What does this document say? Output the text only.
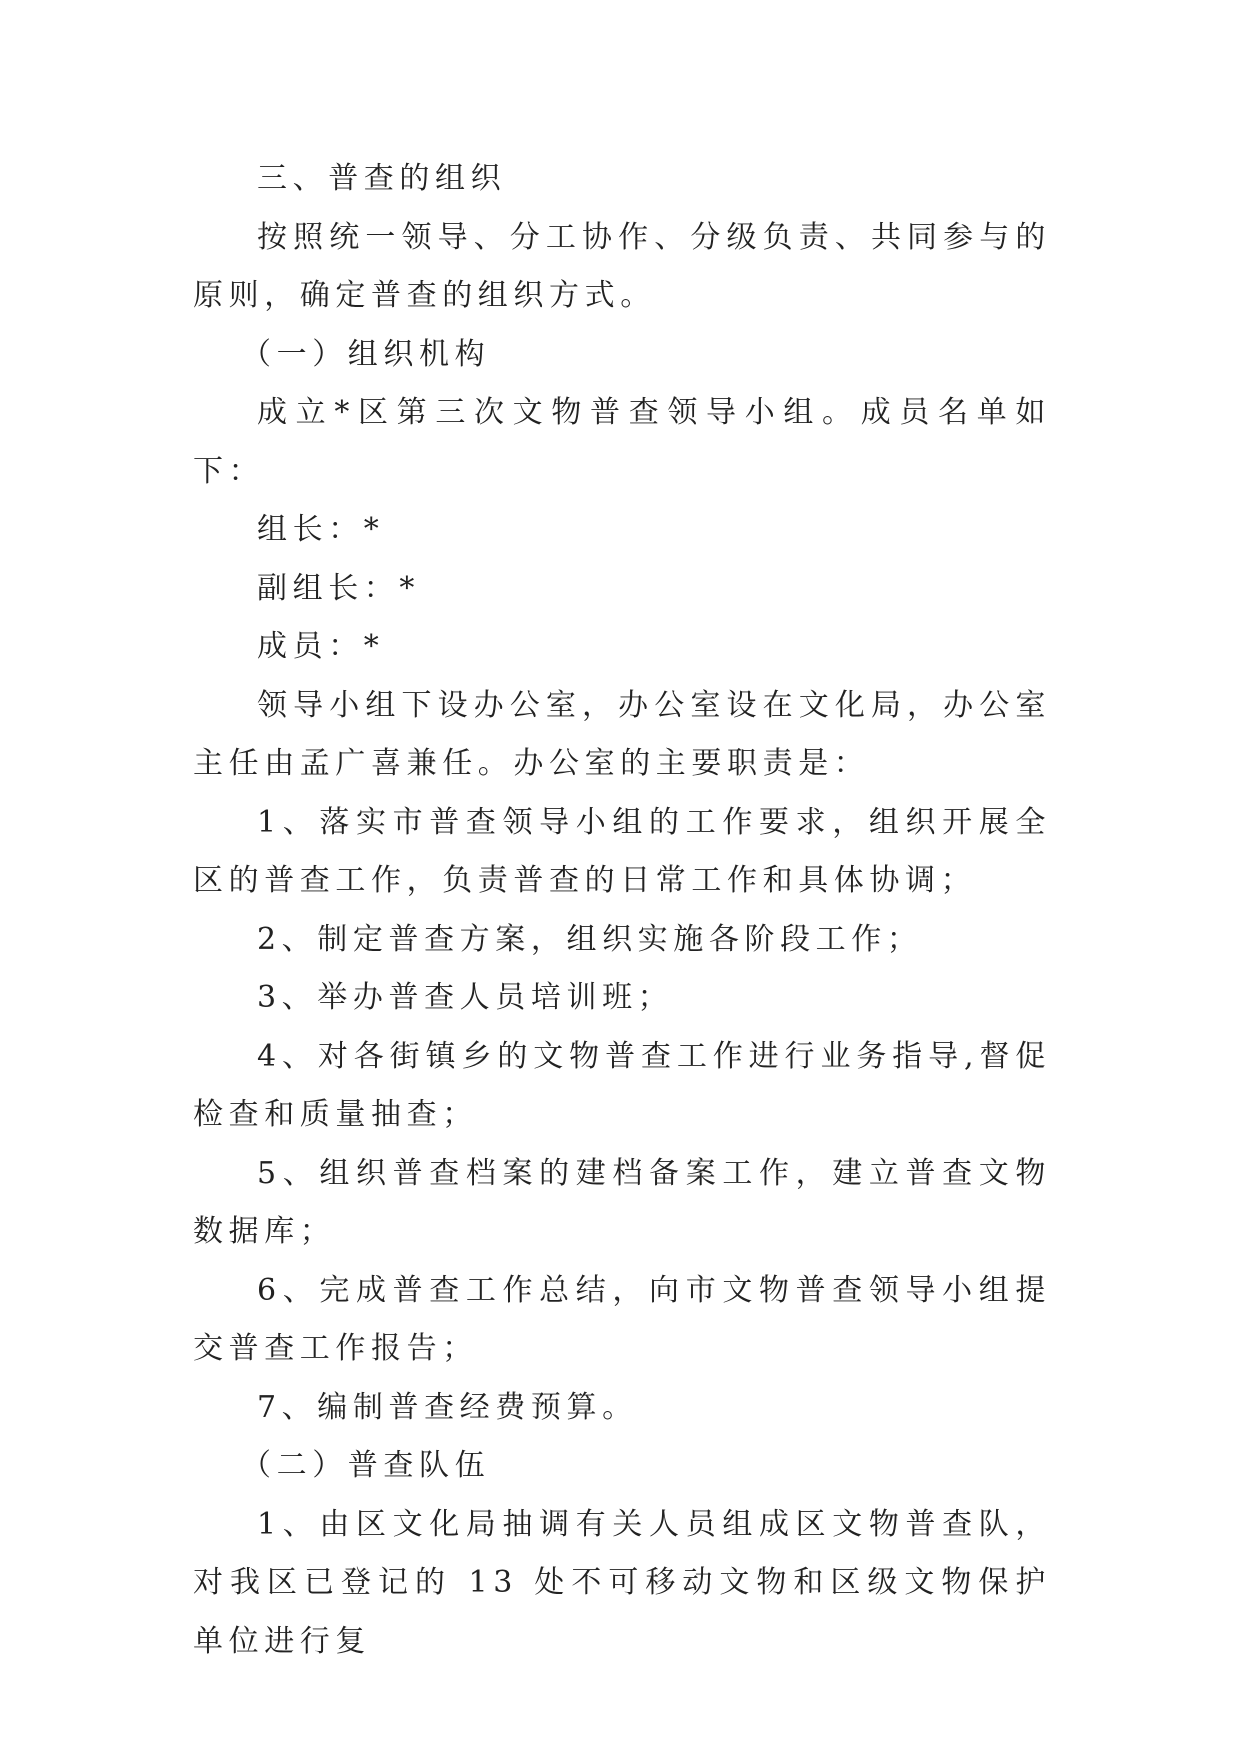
三、普查的组织

按照统一领导、分工协作、分级负责、共同参与的原则，确定普查的组织方式。

（一）组织机构

成立*区第三次文物普查领导小组。成员名单如下：

组长：*

副组长：*

成员：*

领导小组下设办公室，办公室设在文化局，办公室主任由孟广喜兼任。办公室的主要职责是：

1、落实市普查领导小组的工作要求，组织开展全区的普查工作，负责普查的日常工作和具体协调；

2、制定普查方案，组织实施各阶段工作；

3、举办普查人员培训班；

4、对各街镇乡的文物普查工作进行业务指导,督促检查和质量抽查；

5、组织普查档案的建档备案工作，建立普查文物数据库；

6、完成普查工作总结，向市文物普查领导小组提交普查工作报告；

7、编制普查经费预算。

（二）普查队伍

1、由区文化局抽调有关人员组成区文物普查队，对我区已登记的 13 处不可移动文物和区级文物保护单位进行复
